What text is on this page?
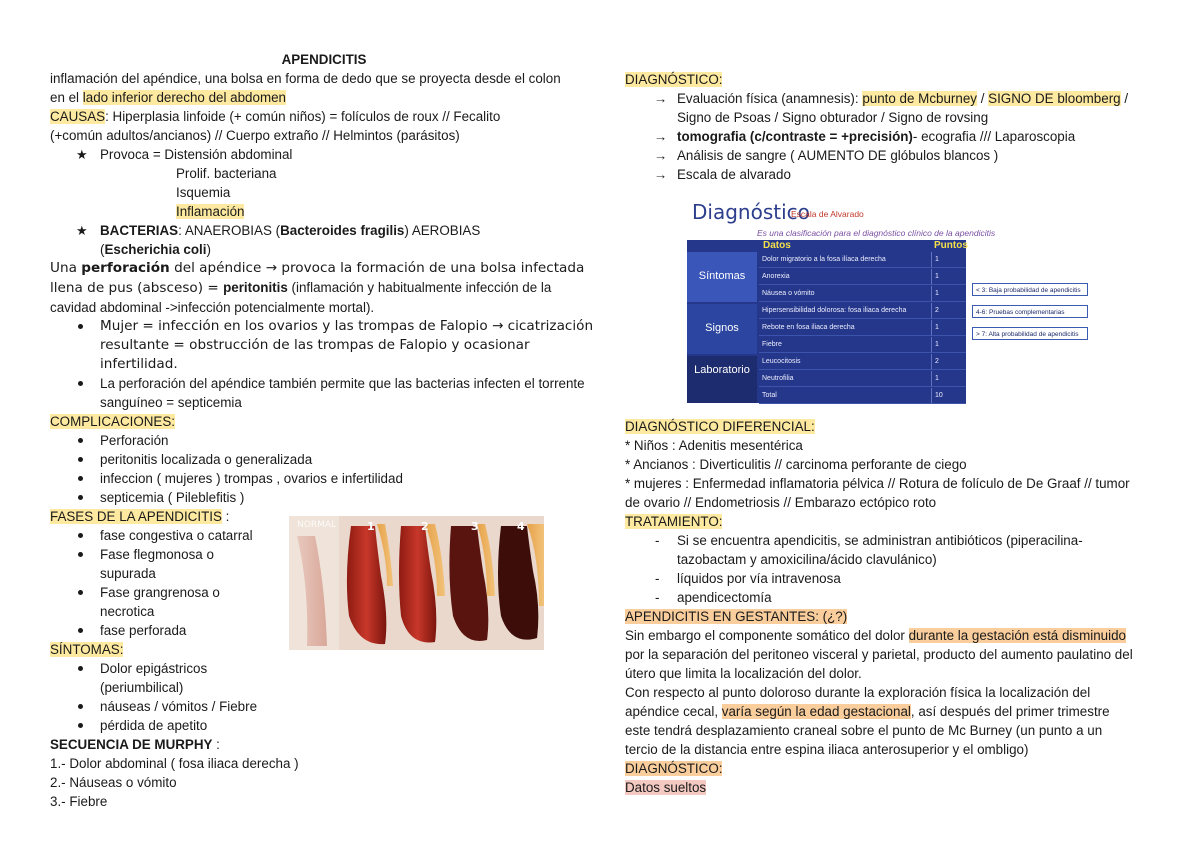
APENDICITIS
inflamación del apéndice, una bolsa en forma de dedo que se proyecta desde el colon
en el lado inferior derecho del abdomen
CAUSAS: Hiperplasia linfoide (+ común niños) = folículos de roux // Fecalito
(+común adultos/ancianos) // Cuerpo extraño // Helmintos (parásitos)
★ Provoca = Distensión abdominal
Prolif. bacteriana
Isquemia
Inflamación
★ BACTERIAS: ANAEROBIAS (Bacteroides fragilis) AEROBIAS
(Escherichia coli)
Una perforación del apéndice → provoca la formación de una bolsa infectada
llena de pus (absceso) = peritonitis (inflamación y habitualmente infección de la
cavidad abdominal ->infección potencialmente mortal).
Mujer = infección en los ovarios y las trompas de Falopio → cicatrización resultante = obstrucción de las trompas de Falopio y ocasionar infertilidad.
La perforación del apéndice también permite que las bacterias infecten el torrente sanguíneo = septicemia
COMPLICACIONES:
Perforación
peritonitis localizada o generalizada
infeccion ( mujeres ) trompas , ovarios e infertilidad
septicemia ( Pileblefitis )
FASES DE LA APENDICITIS :
fase congestiva o catarral
Fase flegmonosa o supurada
Fase grangrenosa o necrotica
fase perforada
SÍNTOMAS:
Dolor epigástricos (periumbilical)
náuseas / vómitos / Fiebre
pérdida de apetito
SECUENCIA DE MURPHY :
1.- Dolor abdominal ( fosa iliaca derecha )
2.- Náuseas o vómito
3.- Fiebre
NORMAL	1	2	3	4
DIAGNÓSTICO:
→ Evaluación física (anamnesis): punto de Mcburney / SIGNO DE bloomberg /
Signo de Psoas / Signo obturador / Signo de rovsing
→ tomografia (c/contraste = +precisión)- ecografia /// Laparoscopia
→ Análisis de sangre ( AUMENTO DE glóbulos blancos )
→ Escala de alvarado
Diagnóstico
Escala de Alvarado
Es una clasificación para el diagnóstico clínico de la apendicitis
Datos	Puntos
Síntomas
Signos
Laboratorio
Dolor migratorio a la fosa ilíaca derecha	1
Anorexia	1
Náusea o vómito	1
Hipersensibilidad dolorosa: fosa iliaca derecha	2
Rebote en fosa iliaca derecha	1
Fiebre	1
Leucocitosis	2
Neutrofilia	1
Total	10
< 3: Baja probabilidad de apendicitis
4-6: Pruebas complementarias
> 7: Alta probabilidad de apendicitis
DIAGNÓSTICO DIFERENCIAL:
* Niños : Adenitis mesentérica
* Ancianos : Diverticulitis // carcinoma perforante de ciego
* mujeres : Enfermedad inflamatoria pélvica // Rotura de folículo de De Graaf // tumor
de ovario // Endometriosis // Embarazo ectópico roto
TRATAMIENTO:
- Si se encuentra apendicitis, se administran antibióticos (piperacilina-tazobactam y amoxicilina/ácido clavulánico)
- líquidos por vía intravenosa
- apendicectomía
APENDICITIS EN GESTANTES: (¿?)
Sin embargo el componente somático del dolor durante la gestación está disminuido
por la separación del peritoneo visceral y parietal, producto del aumento paulatino del
útero que limita la localización del dolor.
Con respecto al punto doloroso durante la exploración física la localización del
apéndice cecal, varía según la edad gestacional, así después del primer trimestre
este tendrá desplazamiento craneal sobre el punto de Mc Burney (un punto a un
tercio de la distancia entre espina iliaca anterosuperior y el ombligo)
DIAGNÓSTICO:
Datos sueltos
